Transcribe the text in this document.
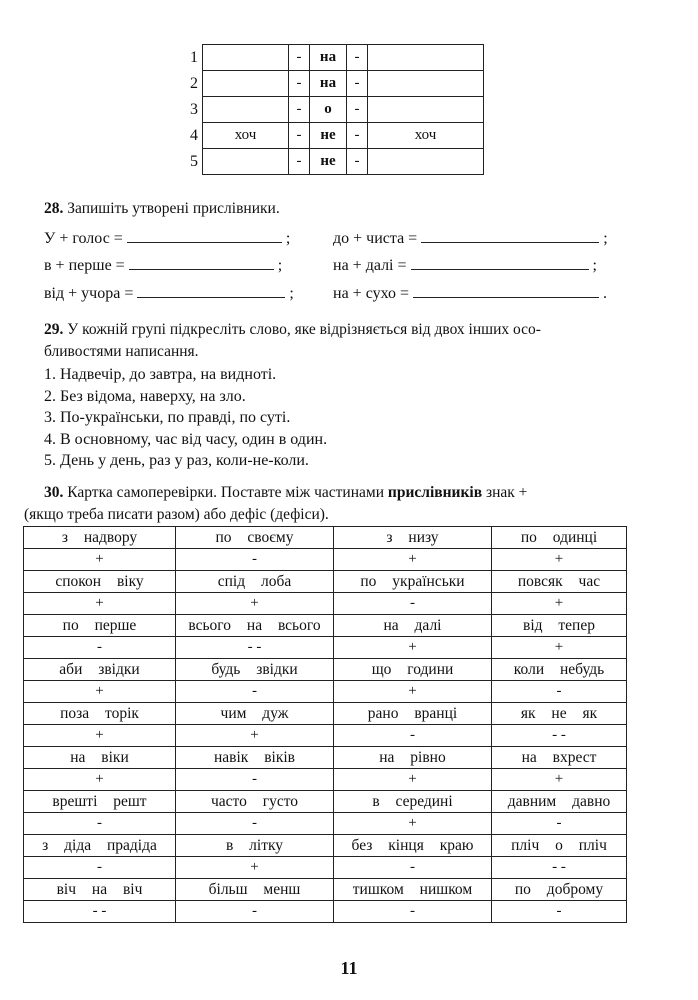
1		-	на	-	
2		-	на	-	
3		-	о	-	
4	хоч	-	не	-	хоч
5		-	не	-	
28. Запишіть утворені прислівники.
У + голос =	;	до + чиста =	;
в + перше =	;	на + далі =	;
від + учора =	; на + сухо =	.
29. У кожній групі підкресліть слово, яке відрізняється від двох інших осо-
бливостями написання.
1. Надвечір, до завтра, на видноті.
2. Без відома, наверху, на зло.
3. По-українськи, по правді, по суті.
4. В основному, час від часу, один в один.
5. День у день, раз у раз, коли-не-коли.
30. Картка самоперевірки. Поставте між частинами прислівників знак +
(якщо треба писати разом) або дефіс (дефіси).
з надвору	по своєму	з низу	по одинці
+	-	+	+
спокон віку	спід лоба	по українськи	повсяк час
+	+	-	+
по перше	всього на всього	на далі	від тепер
-	- -	+	+
аби звідки	будь звідки	що години	коли небудь
+	-	+	-
поза торік	чим дуж	рано вранці	як не як
+	+	-	- -
на віки	навік віків	на рівно	на вхрест
+	-	+	+
врешті решт	часто густо	в середині	давним давно
-	-	+	-
з діда прадіда	в літку	без кінця краю	пліч о пліч
-	+	-	- -
віч на віч	більш менш	тишком нишком	по доброму
- -	-	-	-
11
